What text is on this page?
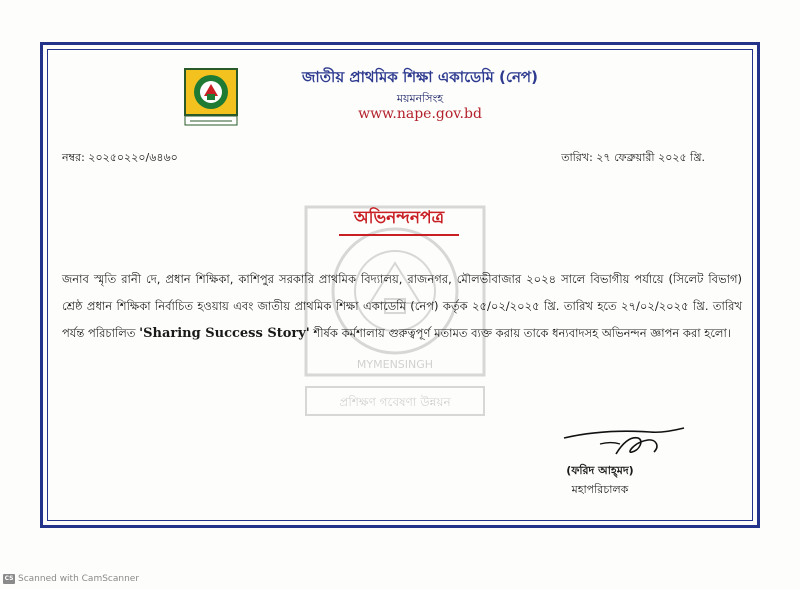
জাতীয় প্রাথমিক শিক্ষা একাডেমি (নেপ)
ময়মনসিংহ
www.nape.gov.bd
নম্বর: ২০২৫০২২০/৬৪৬০	তারিখ: ২৭ ফেব্রুয়ারী ২০২৫ খ্রি.
MYMENSINGH
প্রশিক্ষণ গবেষণা উন্নয়ন
অভিনন্দনপত্র
জনাব স্মৃতি রানী দে, প্রধান শিক্ষিকা, কাশিপুর সরকারি প্রাথমিক বিদ্যালয়, রাজনগর, মৌলভীবাজার ২০২৪ সালে বিভাগীয় পর্যায়ে (সিলেট বিভাগ) শ্রেষ্ঠ প্রধান শিক্ষিকা নির্বাচিত হওয়ায় এবং জাতীয় প্রাথমিক শিক্ষা একাডেমি (নেপ) কর্তৃক ২৫/০২/২০২৫ খ্রি. তারিখ হতে ২৭/০২/২০২৫ খ্রি. তারিখ পর্যন্ত পরিচালিত 'Sharing Success Story' শীর্ষক কর্মশালায় গুরুত্বপূর্ণ মতামত ব্যক্ত করায় তাকে ধন্যবাদসহ অভিনন্দন জ্ঞাপন করা হলো।
(ফরিদ আহ্‌মদ)
মহাপরিচালক
CS Scanned with CamScanner
